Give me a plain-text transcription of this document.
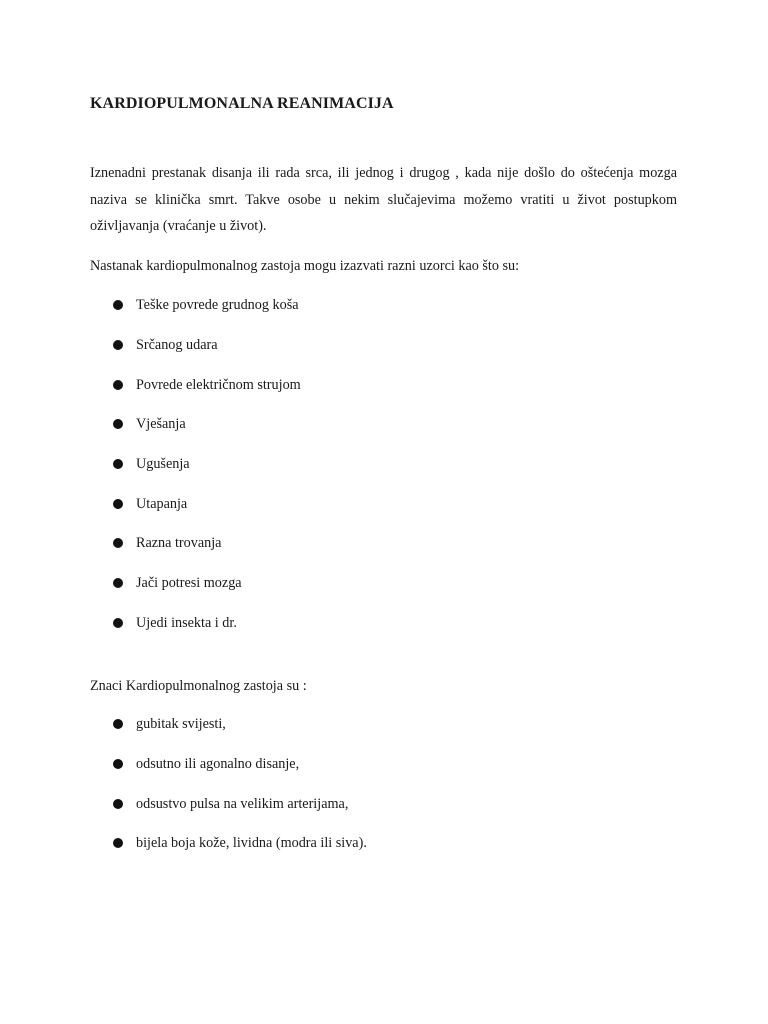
KARDIOPULMONALNA REANIMACIJA

Iznenadni prestanak disanja ili rada srca, ili jednog i drugog , kada nije došlo do oštećenja mozga naziva se klinička smrt. Takve osobe u nekim slučajevima možemo vratiti u život postupkom oživljavanja (vraćanje u život).

Nastanak kardiopulmonalnog zastoja mogu izazvati razni uzorci kao što su:

Teške povrede grudnog koša
Srčanog udara
Povrede električnom strujom
Vješanja
Ugušenja
Utapanja
Razna trovanja
Jači potresi mozga
Ujedi insekta i dr.

Znaci Kardiopulmonalnog zastoja su :

gubitak svijesti,
odsutno ili agonalno disanje,
odsustvo pulsa na velikim arterijama,
bijela boja kože, lividna (modra ili siva).
